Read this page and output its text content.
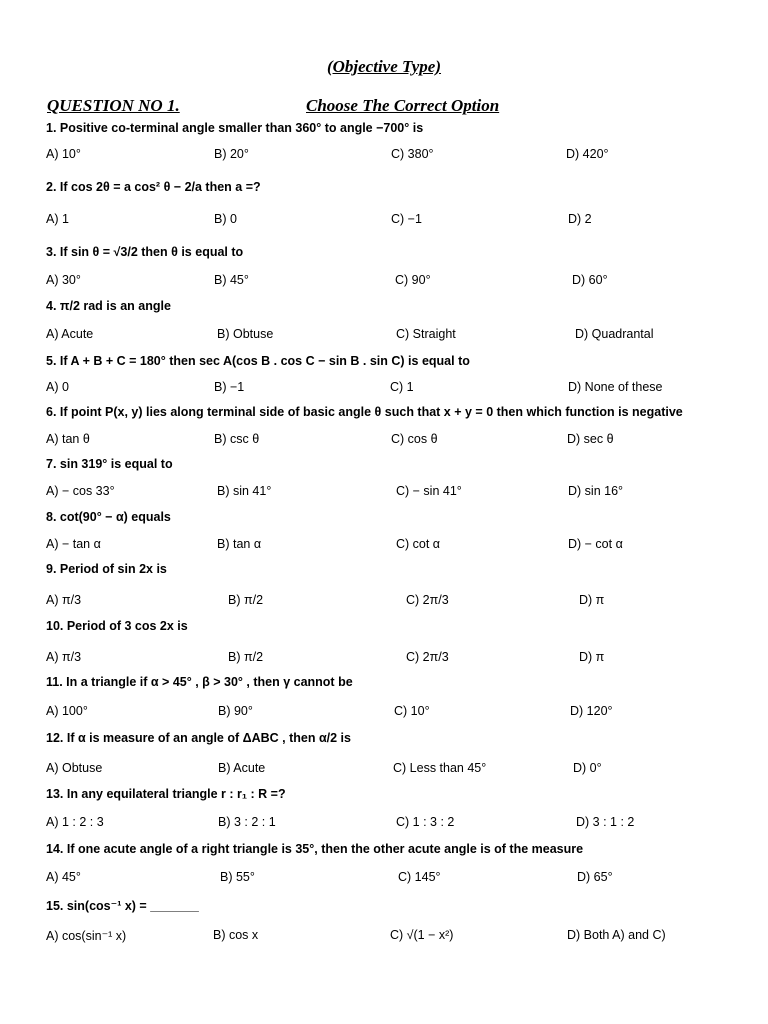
(Objective Type)
QUESTION NO 1.	Choose The Correct Option
1. Positive co-terminal angle smaller than 360° to angle −700° is
A) 10°	B) 20°	C) 380°	D) 420°
2. If cos 2θ = a cos² θ − 2/a then a =?
A) 1	B) 0	C) −1	D) 2
3. If sin θ = √3/2 then θ is equal to
A) 30°	B) 45°	C) 90°	D) 60°
4. π/2 rad is an angle
A) Acute	B) Obtuse	C) Straight	D) Quadrantal
5. If A + B + C = 180° then sec A(cos B . cos C − sin B . sin C) is equal to
A) 0	B) −1	C) 1	D) None of these
6. If point P(x, y) lies along terminal side of basic angle θ such that x + y = 0 then which function is negative
A) tan θ	B) csc θ	C) cos θ	D) sec θ
7. sin 319° is equal to
A) − cos 33°	B) sin 41°	C) − sin 41°	D) sin 16°
8. cot(90° − α) equals
A) − tan α	B) tan α	C) cot α	D) − cot α
9. Period of sin 2x is
A) π/3	B) π/2	C) 2π/3	D) π
10. Period of 3 cos 2x is
A) π/3	B) π/2	C) 2π/3	D) π
11. In a triangle if α > 45° , β > 30° , then γ cannot be
A) 100°	B) 90°	C) 10°	D) 120°
12. If α is measure of an angle of ΔABC , then α/2 is
A) Obtuse	B) Acute	C) Less than 45°	D) 0°
13. In any equilateral triangle r : r₁ : R =?
A) 1 : 2 : 3	B) 3 : 2 : 1	C) 1 : 3 : 2	D) 3 : 1 : 2
14. If one acute angle of a right triangle is 35°, then the other acute angle is of the measure
A) 45°	B) 55°	C) 145°	D) 65°
15. sin(cos⁻¹ x) = _______
A) cos(sin⁻¹ x)	B) cos x	C) √(1 − x²)	D) Both A) and C)
